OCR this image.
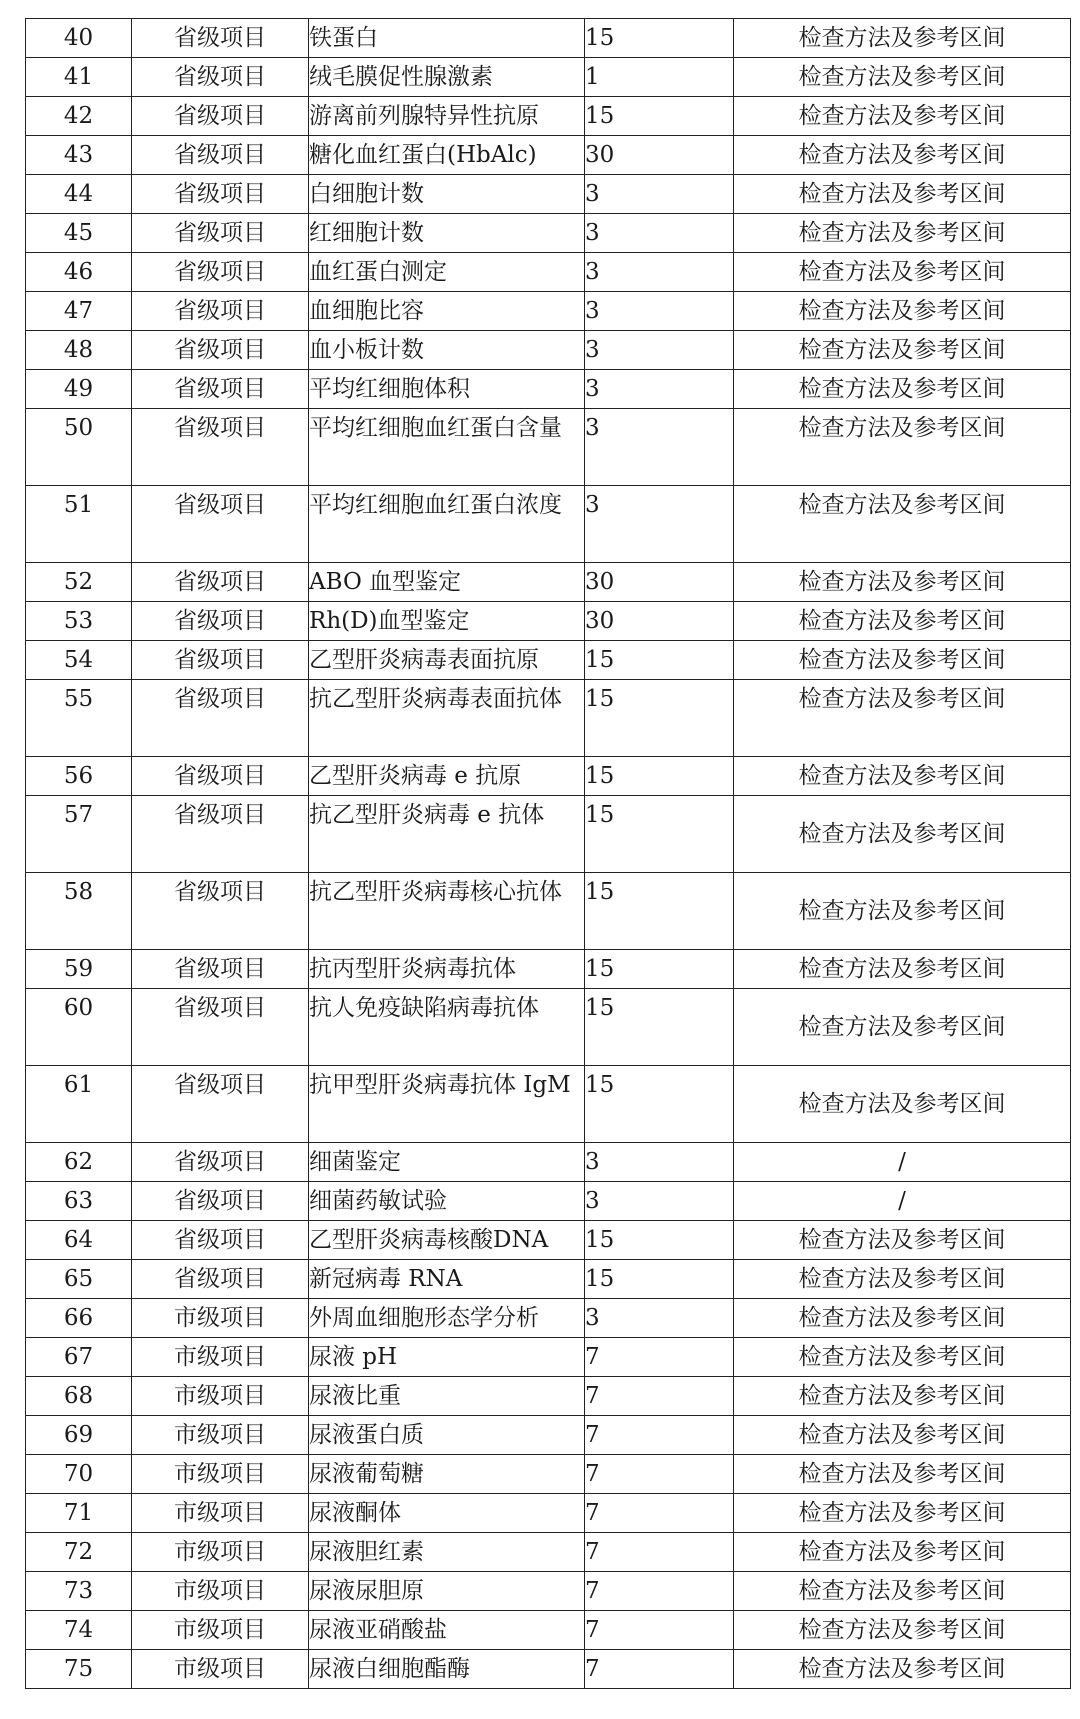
40	省级项目	铁蛋白	15	检查方法及参考区间
41	省级项目	绒毛膜促性腺激素	1	检查方法及参考区间
42	省级项目	游离前列腺特异性抗原	15	检查方法及参考区间
43	省级项目	糖化血红蛋白(HbAlc)	30	检查方法及参考区间
44	省级项目	白细胞计数	3	检查方法及参考区间
45	省级项目	红细胞计数	3	检查方法及参考区间
46	省级项目	血红蛋白测定	3	检查方法及参考区间
47	省级项目	血细胞比容	3	检查方法及参考区间
48	省级项目	血小板计数	3	检查方法及参考区间
49	省级项目	平均红细胞体积	3	检查方法及参考区间
50	省级项目	平均红细胞血红蛋白含量	3	检查方法及参考区间
51	省级项目	平均红细胞血红蛋白浓度	3	检查方法及参考区间
52	省级项目	ABO 血型鉴定	30	检查方法及参考区间
53	省级项目	Rh(D)血型鉴定	30	检查方法及参考区间
54	省级项目	乙型肝炎病毒表面抗原	15	检查方法及参考区间
55	省级项目	抗乙型肝炎病毒表面抗体	15	检查方法及参考区间
56	省级项目	乙型肝炎病毒 e 抗原	15	检查方法及参考区间
57	省级项目	抗乙型肝炎病毒 e 抗体	15	检查方法及参考区间
58	省级项目	抗乙型肝炎病毒核心抗体	15	检查方法及参考区间
59	省级项目	抗丙型肝炎病毒抗体	15	检查方法及参考区间
60	省级项目	抗人免疫缺陷病毒抗体	15	检查方法及参考区间
61	省级项目	抗甲型肝炎病毒抗体 IgM	15	检查方法及参考区间
62	省级项目	细菌鉴定	3	/
63	省级项目	细菌药敏试验	3	/
64	省级项目	乙型肝炎病毒核酸DNA	15	检查方法及参考区间
65	省级项目	新冠病毒 RNA	15	检查方法及参考区间
66	市级项目	外周血细胞形态学分析	3	检查方法及参考区间
67	市级项目	尿液 pH	7	检查方法及参考区间
68	市级项目	尿液比重	7	检查方法及参考区间
69	市级项目	尿液蛋白质	7	检查方法及参考区间
70	市级项目	尿液葡萄糖	7	检查方法及参考区间
71	市级项目	尿液酮体	7	检查方法及参考区间
72	市级项目	尿液胆红素	7	检查方法及参考区间
73	市级项目	尿液尿胆原	7	检查方法及参考区间
74	市级项目	尿液亚硝酸盐	7	检查方法及参考区间
75	市级项目	尿液白细胞酯酶	7	检查方法及参考区间
